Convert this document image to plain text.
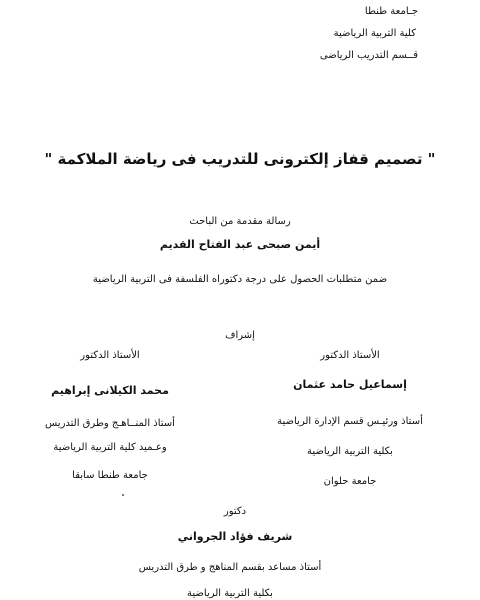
جـامعة طنطا
كلية التربية الرياضية
قــسم التدريب الرياضى
" تصميم قفاز إلكترونى للتدريب فى رياضة الملاكمة "
رسالة مقدمة من الباحث
أيمن صبحى عبد الفتاح القديم
ضمن متطلبات الحصول على درجة دكتوراه الفلسفة فى التربية الرياضية
إشراف
الأستاذ الدكتور
إسماعيل حامد عثمان
أستاذ ورئيـس قسم الإدارة الرياضية
بكلية التربية الرياضية
جامعة حلوان
الأستاذ الدكتور
محمد الكيلانى إبراهيم
أستاذ المنــاهـج وطرق التدريس
وعـميد كلية التربية الرياضية
جامعة طنطا سابقا
دكتور
شريف فؤاد الجرواني
أستاذ مساعد بقسم المناهج و طرق التدريس
بكلية التربية الرياضية
